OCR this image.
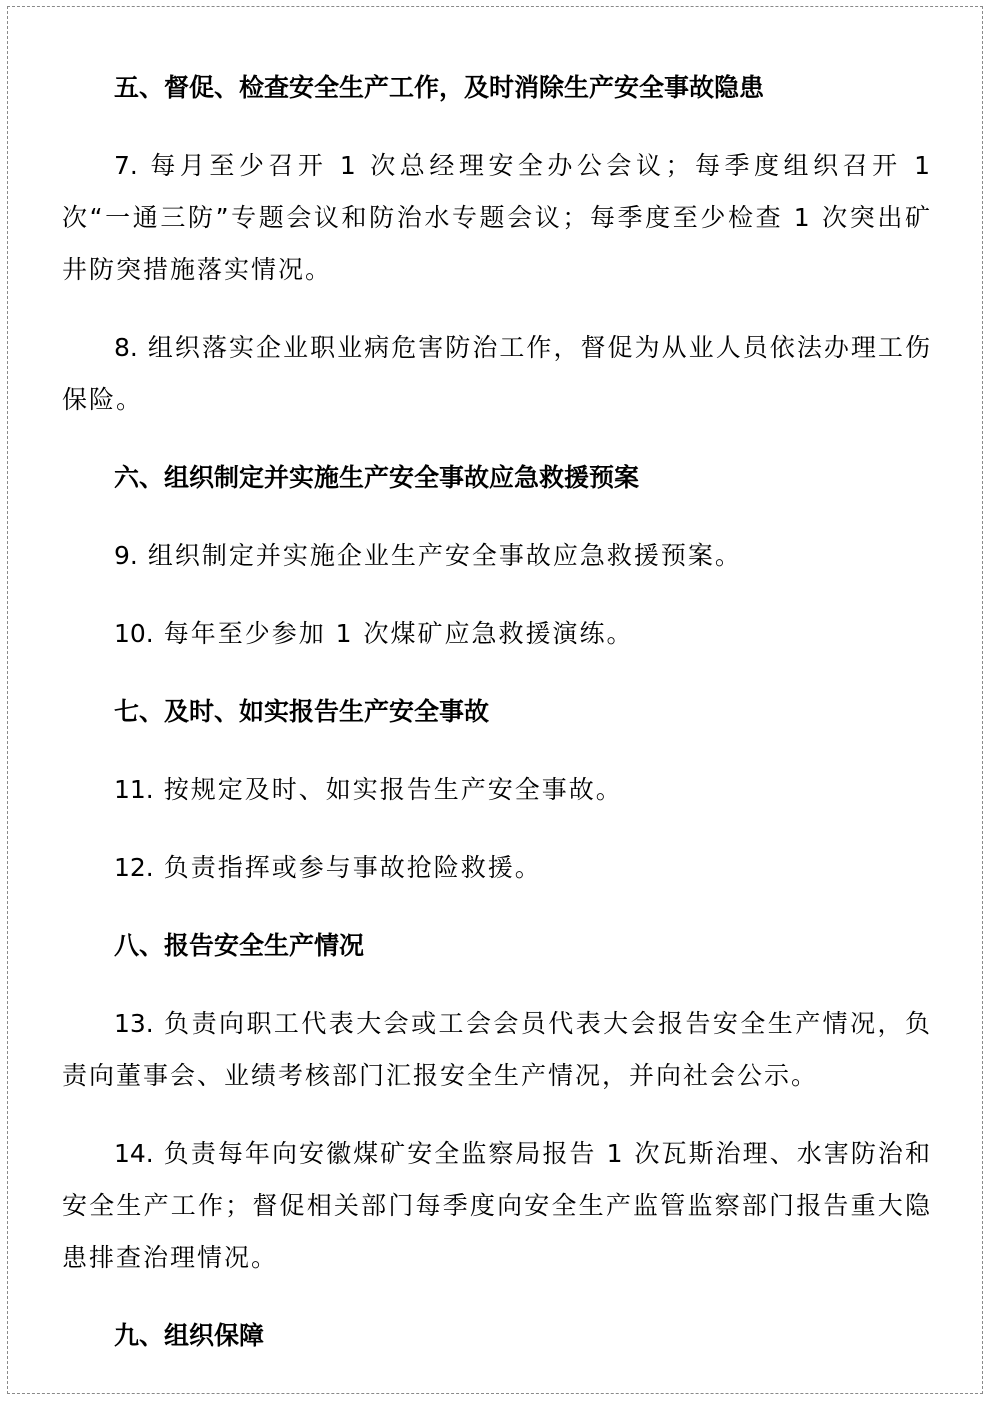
五、督促、检查安全生产工作，及时消除生产安全事故隐患
7. 每月至少召开 1 次总经理安全办公会议；每季度组织召开 1 次“一通三防”专题会议和防治水专题会议；每季度至少检查 1 次突出矿井防突措施落实情况。
8. 组织落实企业职业病危害防治工作，督促为从业人员依法办理工伤保险。
六、组织制定并实施生产安全事故应急救援预案
9. 组织制定并实施企业生产安全事故应急救援预案。
10. 每年至少参加 1 次煤矿应急救援演练。
七、及时、如实报告生产安全事故
11. 按规定及时、如实报告生产安全事故。
12. 负责指挥或参与事故抢险救援。
八、报告安全生产情况
13. 负责向职工代表大会或工会会员代表大会报告安全生产情况，负责向董事会、业绩考核部门汇报安全生产情况，并向社会公示。
14. 负责每年向安徽煤矿安全监察局报告 1 次瓦斯治理、水害防治和安全生产工作；督促相关部门每季度向安全生产监管监察部门报告重大隐患排查治理情况。
九、组织保障
